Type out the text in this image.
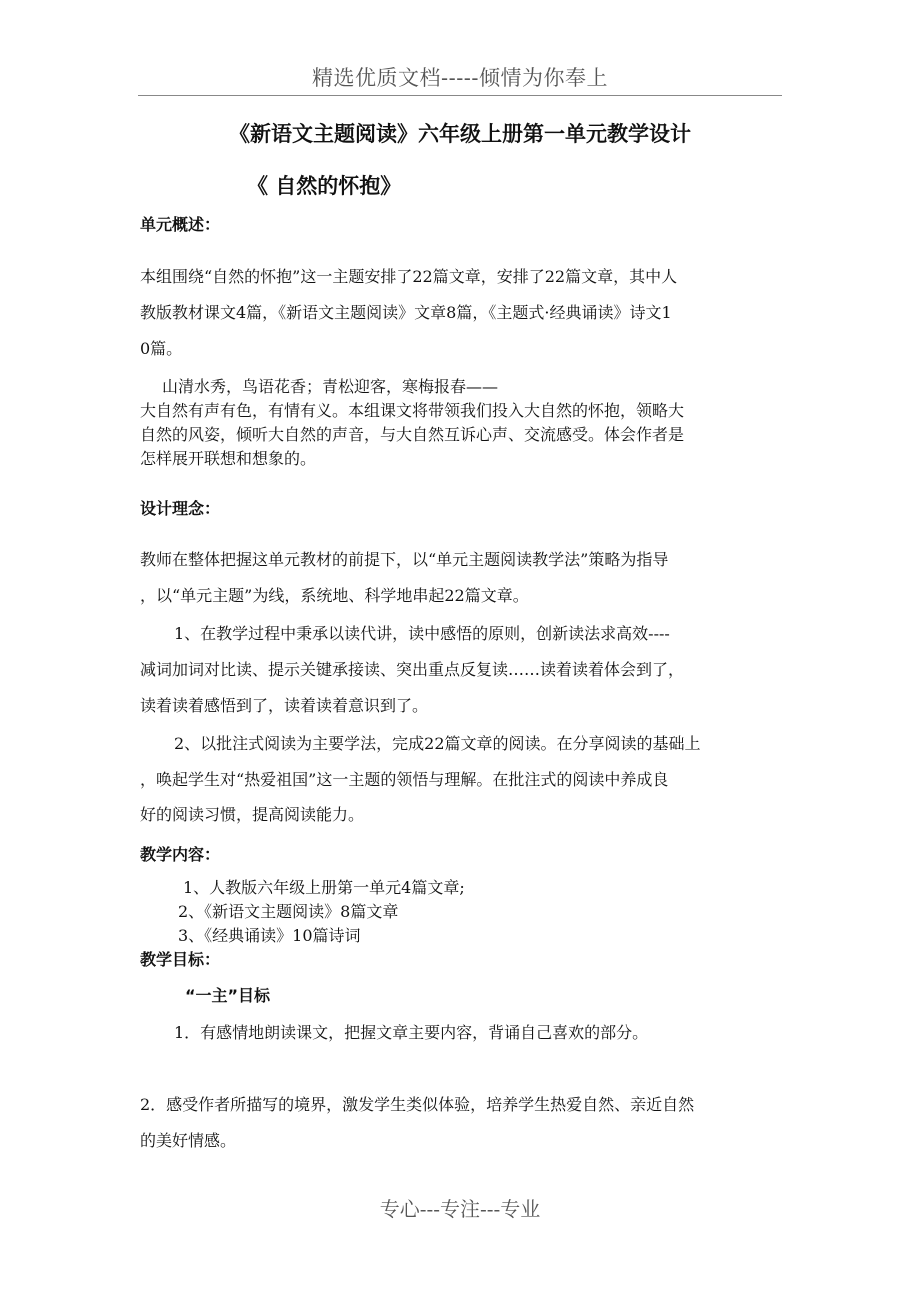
精选优质文档-----倾情为你奉上
《新语文主题阅读》六年级上册第一单元教学设计
《 自然的怀抱》
单元概述：
本组围绕“自然的怀抱”这一主题安排了22篇文章，安排了22篇文章，其中人
教版教材课文4篇，《新语文主题阅读》文章8篇，《主题式·经典诵读》诗文1
0篇。
山清水秀，鸟语花香；青松迎客，寒梅报春——
大自然有声有色，有情有义。本组课文将带领我们投入大自然的怀抱，领略大
自然的风姿，倾听大自然的声音，与大自然互诉心声、交流感受。体会作者是
怎样展开联想和想象的。
设计理念：
教师在整体把握这单元教材的前提下，以“单元主题阅读教学法”策略为指导
，以“单元主题”为线，系统地、科学地串起22篇文章。
1、在教学过程中秉承以读代讲，读中感悟的原则，创新读法求高效----
减词加词对比读、提示关键承接读、突出重点反复读……读着读着体会到了，
读着读着感悟到了，读着读着意识到了。
2、以批注式阅读为主要学法，完成22篇文章的阅读。在分享阅读的基础上
，唤起学生对“热爱祖国”这一主题的领悟与理解。在批注式的阅读中养成良
好的阅读习惯，提高阅读能力。
教学内容：
1、人教版六年级上册第一单元4篇文章;
2、《新语文主题阅读》8篇文章
3、《经典诵读》10篇诗词
教学目标：
“一主”目标
1．有感情地朗读课文，把握文章主要内容，背诵自己喜欢的部分。
2．感受作者所描写的境界，激发学生类似体验，培养学生热爱自然、亲近自然
的美好情感。
专心---专注---专业
